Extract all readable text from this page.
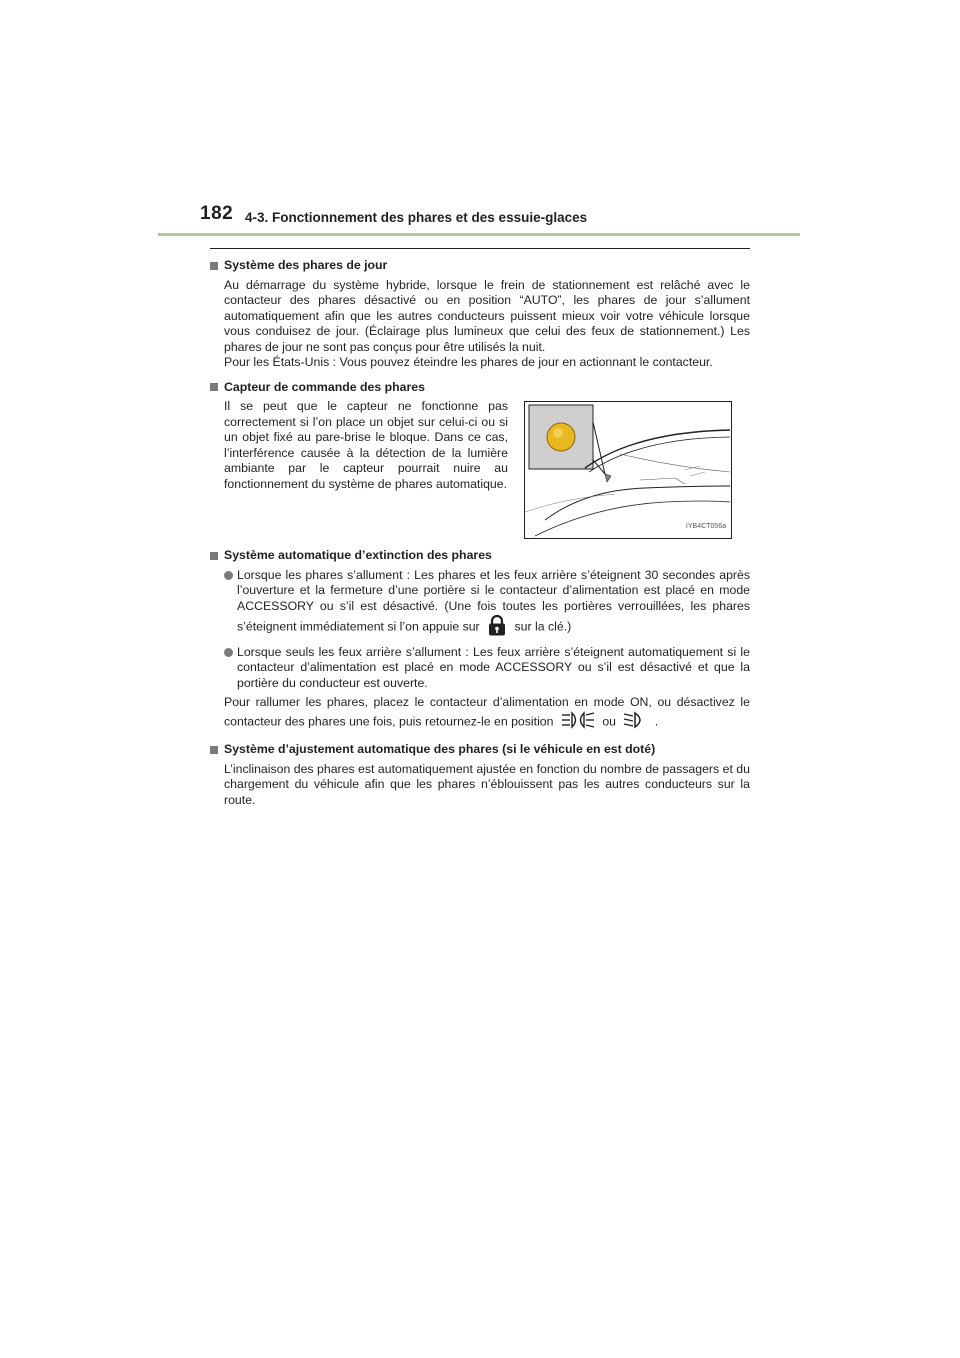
182 4-3. Fonctionnement des phares et des essuie-glaces
Système des phares de jour

Au démarrage du système hybride, lorsque le frein de stationnement est relâché avec le contacteur des phares désactivé ou en position “AUTO”, les phares de jour s’allument automatiquement afin que les autres conducteurs puissent mieux voir votre véhicule lorsque vous conduisez de jour. (Éclairage plus lumineux que celui des feux de stationnement.) Les phares de jour ne sont pas conçus pour être utilisés la nuit.

Pour les États-Unis : Vous pouvez éteindre les phares de jour en actionnant le contacteur.

Capteur de commande des phares

Il se peut que le capteur ne fonctionne pas correctement si l’on place un objet sur celui-ci ou si un objet fixé au pare-brise le bloque. Dans ce cas, l’interférence causée à la détection de la lumière ambiante par le capteur pourrait nuire au fonctionnement du système de phares automatique.

IYB4CT056a
Système automatique d’extinction des phares
Lorsque les phares s’allument : Les phares et les feux arrière s’éteignent 30 secondes après l’ouverture et la fermeture d’une portière si le contacteur d’alimentation est placé en mode ACCESSORY ou s’il est désactivé. (Une fois toutes les portières verrouillées, les phares s’éteignent immédiatement si l’on appuie sur	sur la clé.)
Lorsque seuls les feux arrière s’allument : Les feux arrière s’éteignent automatiquement si le contacteur d’alimentation est placé en mode ACCESSORY ou s’il est désactivé et que la portière du conducteur est ouverte.

Pour rallumer les phares, placez le contacteur d’alimentation en mode ON, ou désactivez le contacteur des phares une fois, puis retournez-le en position	ou	.

Système d’ajustement automatique des phares (si le véhicule en est doté)

L’inclinaison des phares est automatiquement ajustée en fonction du nombre de passagers et du chargement du véhicule afin que les phares n’éblouissent pas les autres conducteurs sur la route.
